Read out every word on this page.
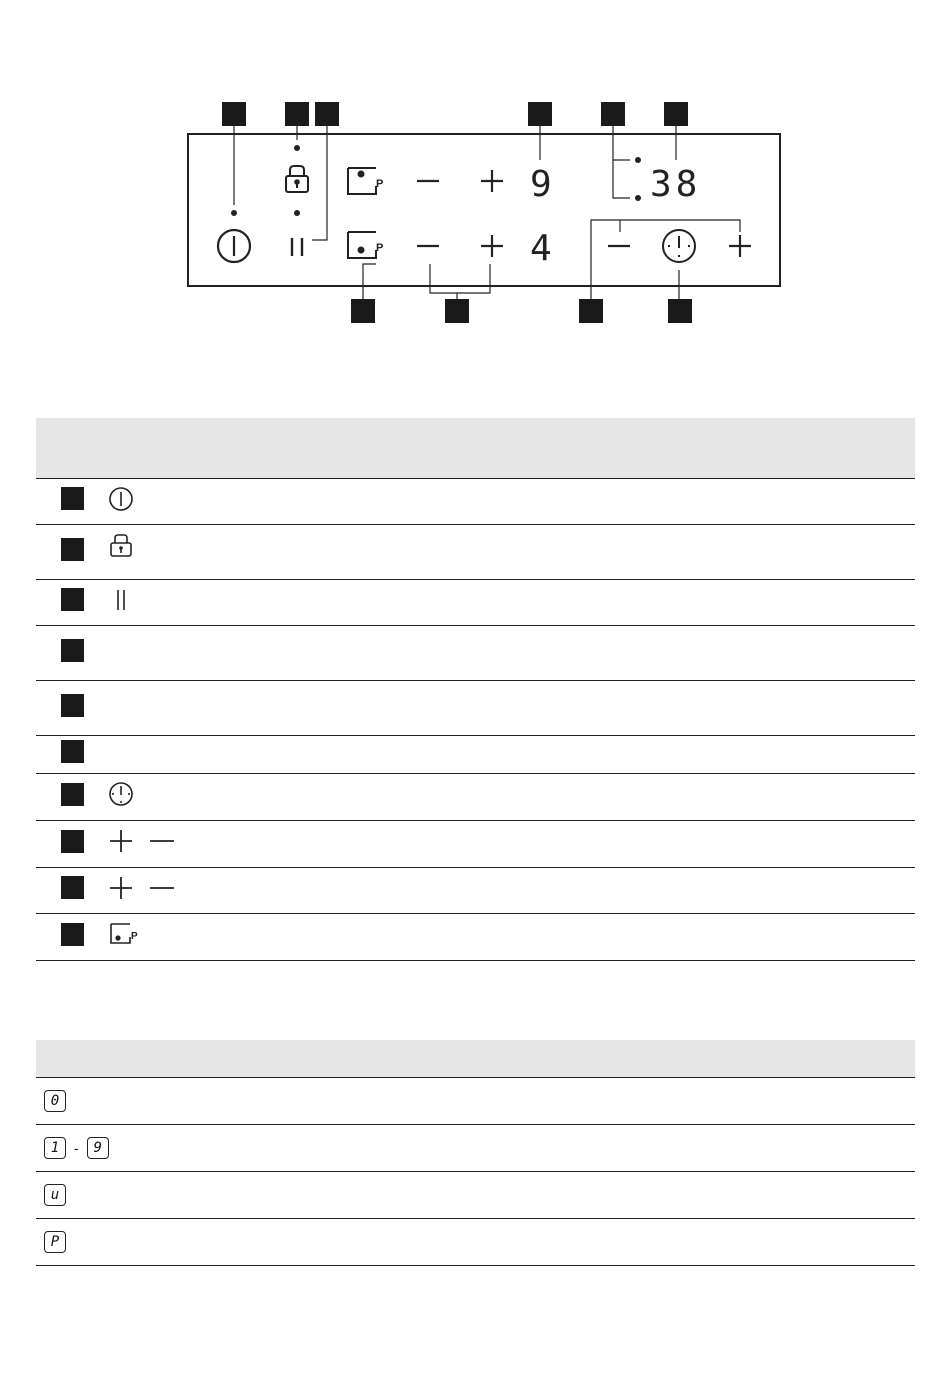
P
P
9
4
38

P	

0	
1 - 9	
u	
P	
